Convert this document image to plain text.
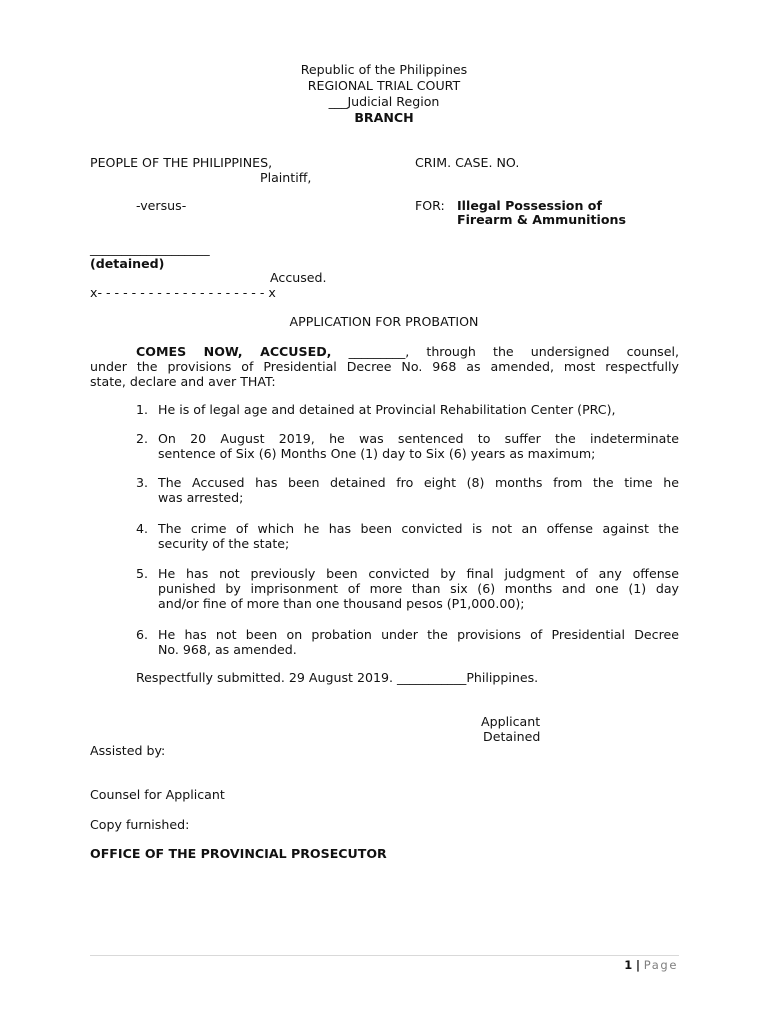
Republic of the Philippines
REGIONAL TRIAL COURT
___Judicial Region
BRANCH
PEOPLE OF THE PHILIPPINES,
Plaintiff,
CRIM. CASE. NO.
-versus-	FOR: Illegal Possession of
Firearm & Ammunitions
___________________
(detained)
Accused.
x- - - - - - - - - - - - - - - - - - - - x
APPLICATION FOR PROBATION
COMES NOW, ACCUSED, _________, through the undersigned counsel,
under the provisions of Presidential Decree No. 968 as amended, most respectfully
state, declare and aver THAT:
1. He is of legal age and detained at Provincial Rehabilitation Center (PRC),
2. On 20 August 2019, he was sentenced to suffer the indeterminate
sentence of Six (6) Months One (1) day to Six (6) years as maximum;
3. The Accused has been detained fro eight (8) months from the time he
was arrested;
4. The crime of which he has been convicted is not an offense against the
security of the state;
5. He has not previously been convicted by final judgment of any offense
punished by imprisonment of more than six (6) months and one (1) day
and/or fine of more than one thousand pesos (P1,000.00);
6. He has not been on probation under the provisions of Presidential Decree
No. 968, as amended.
Respectfully submitted. 29 August 2019. ___________Philippines.
Applicant
Detained
Assisted by:
Counsel for Applicant
Copy furnished:
OFFICE OF THE PROVINCIAL PROSECUTOR
1 | Page
